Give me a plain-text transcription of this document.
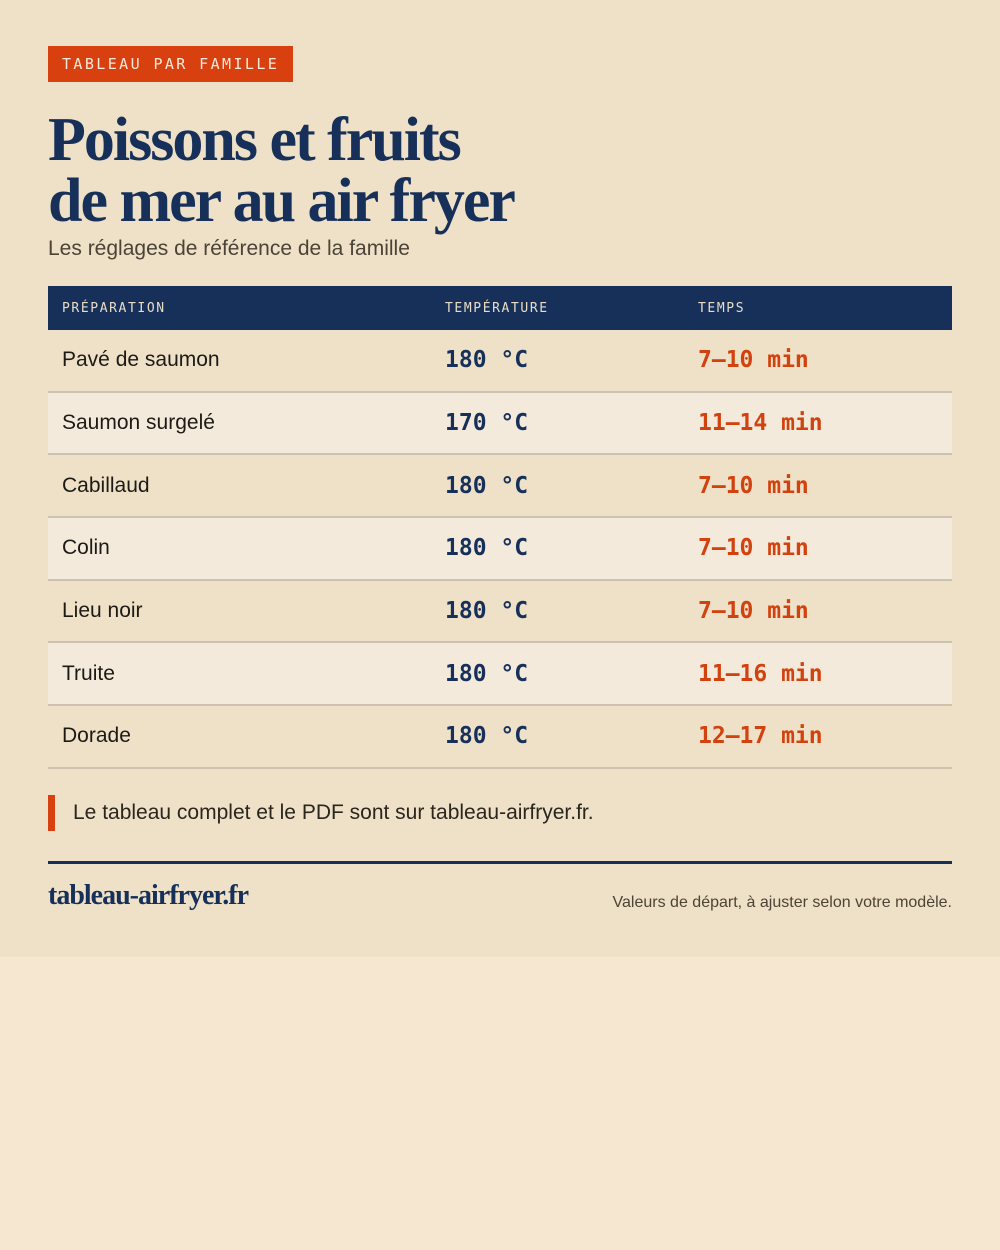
TABLEAU PAR FAMILLE
Poissons et fruits
de mer au air fryer
Les réglages de référence de la famille
PRÉPARATION	TEMPÉRATURE	TEMPS
Pavé de saumon	180 °C	7–10 min
Saumon surgelé	170 °C	11–14 min
Cabillaud	180 °C	7–10 min
Colin	180 °C	7–10 min
Lieu noir	180 °C	7–10 min
Truite	180 °C	11–16 min
Dorade	180 °C	12–17 min
Le tableau complet et le PDF sont sur tableau-airfryer.fr.
tableau-airfryer.fr	Valeurs de départ, à ajuster selon votre modèle.
